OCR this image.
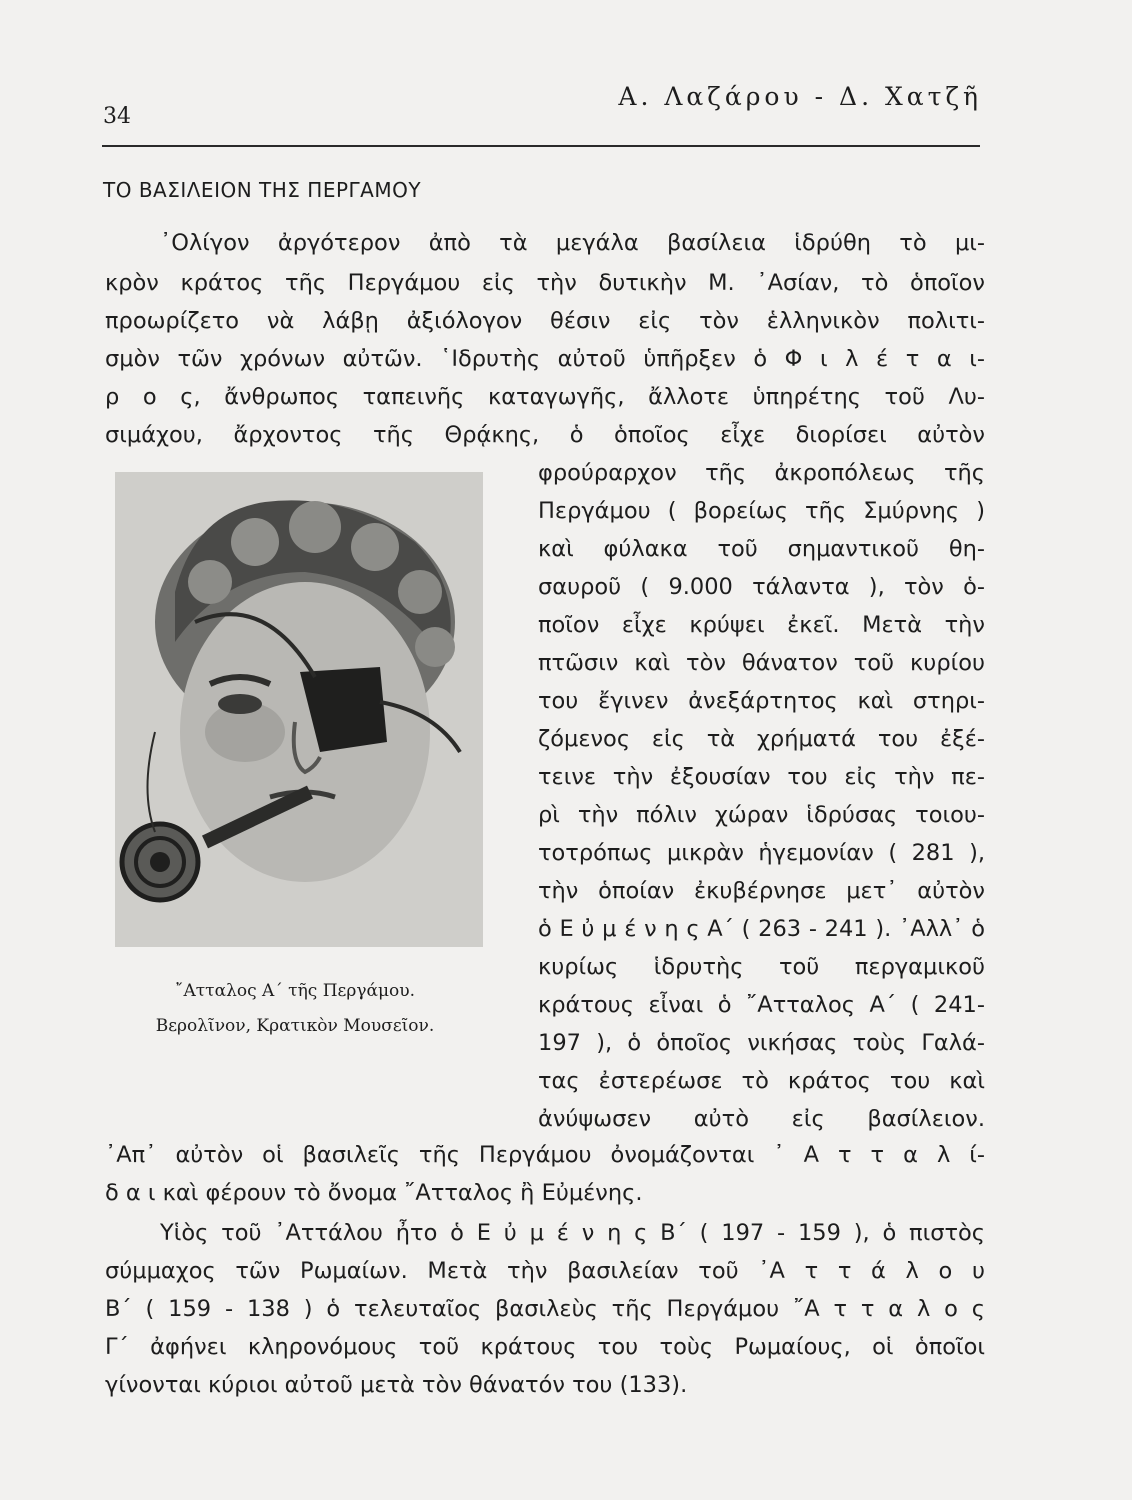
34
Α. Λαζάρου - Δ. Χατζῆ
ΤΟ ΒΑΣΙΛΕΙΟΝ ΤΗΣ ΠΕΡΓΑΜΟΥ
᾿Ολίγον ἀργότερον ἀπὸ τὰ μεγάλα βασίλεια ἱδρύθη τὸ μι-
κρὸν κράτος τῆς Περγάμου εἰς τὴν δυτικὴν Μ. ᾿Ασίαν, τὸ ὁποῖον
προωρίζετο νὰ λάβῃ ἀξιόλογον θέσιν εἰς τὸν ἑλληνικὸν πολιτι-
σμὸν τῶν χρόνων αὐτῶν. ῾Ιδρυτὴς αὐτοῦ ὑπῆρξεν ὁ Φ ι λ έ τ α ι-
ρ ο ς, ἄνθρωπος ταπεινῆς καταγωγῆς, ἄλλοτε ὑπηρέτης τοῦ Λυ-
σιμάχου, ἄρχοντος τῆς Θρᾴκης, ὁ ὁποῖος εἶχε διορίσει αὐτὸν
῎Ατταλος Α΄ τῆς Περγάμου.
Βερολῖνον, Κρατικὸν Μουσεῖον.
φρούραρχον τῆς ἀκροπόλεως τῆς
Περγάμου ( βορείως τῆς Σμύρνης )
καὶ φύλακα τοῦ σημαντικοῦ θη-
σαυροῦ ( 9.000 τάλαντα ), τὸν ὁ-
ποῖον εἶχε κρύψει ἐκεῖ. Μετὰ τὴν
πτῶσιν καὶ τὸν θάνατον τοῦ κυρίου
του ἔγινεν ἀνεξάρτητος καὶ στηρι-
ζόμενος εἰς τὰ χρήματά του ἐξέ-
τεινε τὴν ἐξουσίαν του εἰς τὴν πε-
ρὶ τὴν πόλιν χώραν ἱδρύσας τοιου-
τοτρόπως μικρὰν ἡγεμονίαν ( 281 ),
τὴν ὁποίαν ἐκυβέρνησε μετ᾿ αὐτὸν
ὁ Ε ὐ μ έ ν η ς Α΄ ( 263 - 241 ). ᾿Αλλ᾿ ὁ
κυρίως ἱδρυτὴς τοῦ περγαμικοῦ
κράτους εἶναι ὁ ῎Ατταλος Α΄ ( 241-
197 ), ὁ ὁποῖος νικήσας τοὺς Γαλά-
τας ἐστερέωσε τὸ κράτος του καὶ
ἀνύψωσεν αὐτὸ εἰς βασίλειον.
᾿Απ᾿ αὐτὸν οἱ βασιλεῖς τῆς Περγάμου ὀνομάζονται ᾿ Α τ τ α λ ί-
δ α ι καὶ φέρουν τὸ ὄνομα ῎Ατταλος ἢ Εὐμένης.
Υἱὸς τοῦ ᾿Αττάλου ἦτο ὁ Ε ὐ μ έ ν η ς Β΄ ( 197 - 159 ), ὁ πιστὸς
σύμμαχος τῶν Ρωμαίων. Μετὰ τὴν βασιλείαν τοῦ ᾿Α τ τ ά λ ο υ
Β΄ ( 159 - 138 ) ὁ τελευταῖος βασιλεὺς τῆς Περγάμου ῎Α τ τ α λ ο ς
Γ΄ ἀφήνει κληρονόμους τοῦ κράτους του τοὺς Ρωμαίους, οἱ ὁποῖοι
γίνονται κύριοι αὐτοῦ μετὰ τὸν θάνατόν του (133).
